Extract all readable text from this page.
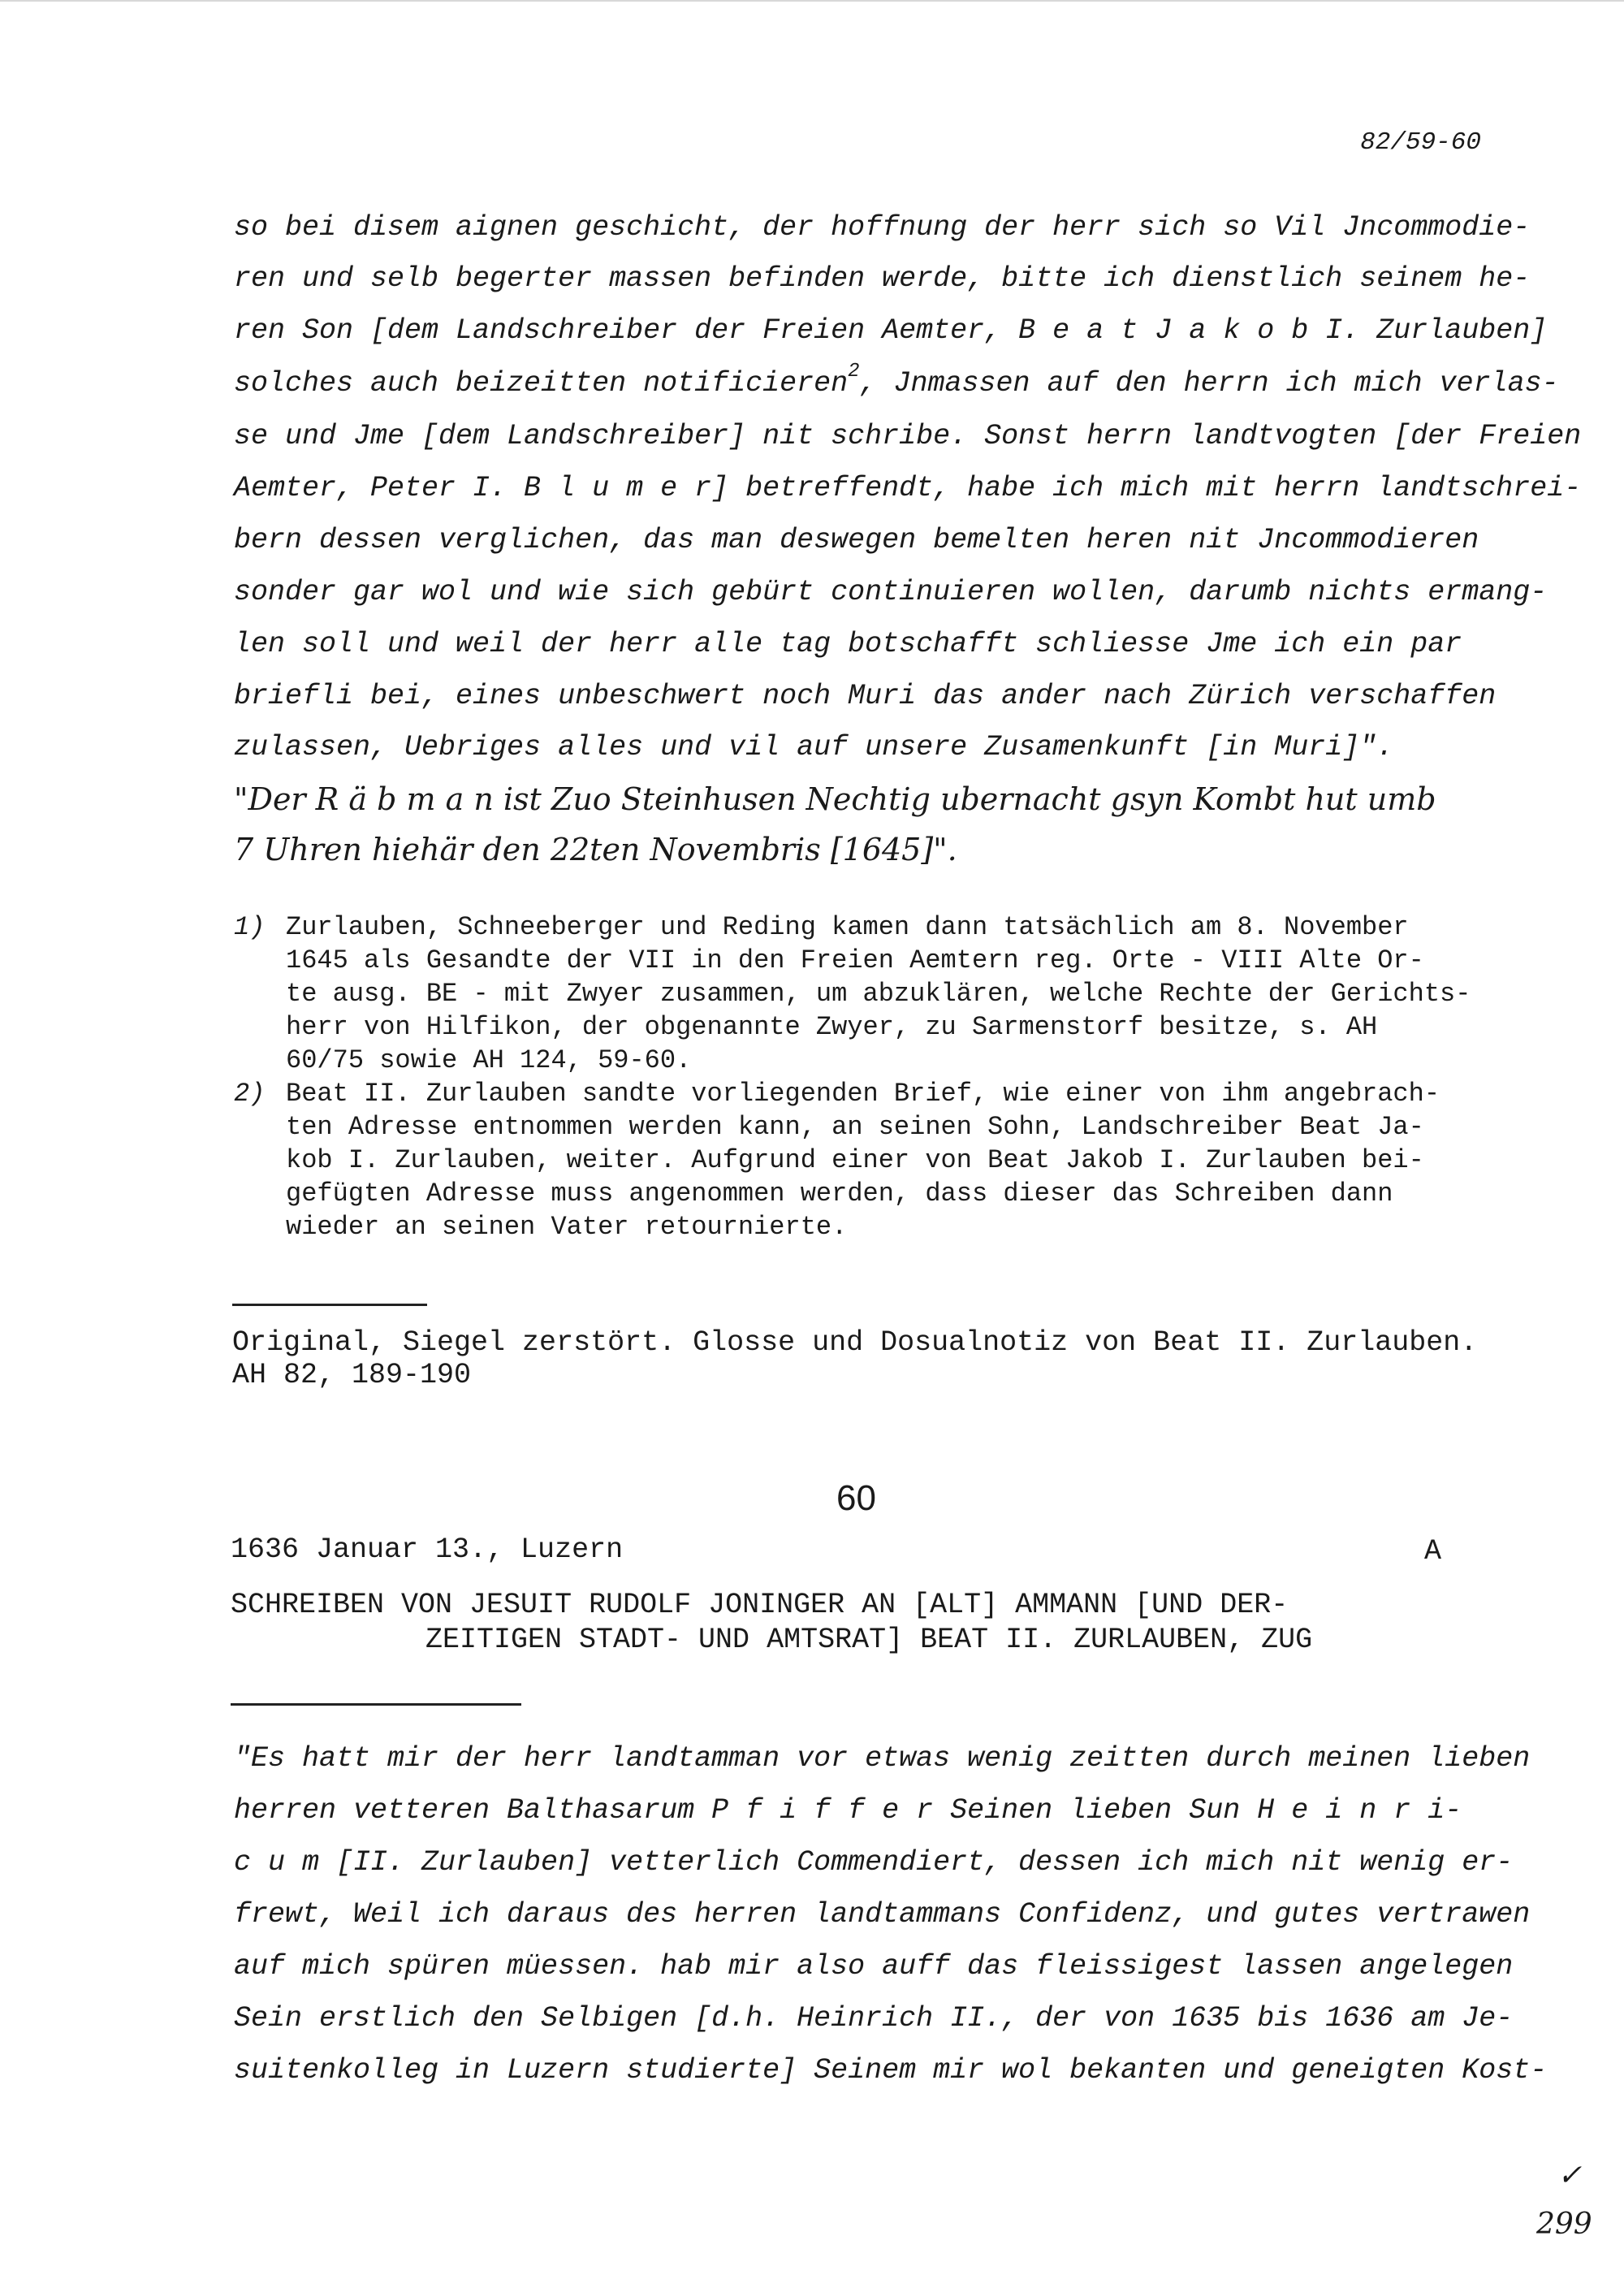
82/59-60
so bei disem aignen geschicht, der hoffnung der herr sich so Vil Jncommodie-
ren und selb begerter massen befinden werde, bitte ich dienstlich seinem he-
ren Son [dem Landschreiber der Freien Aemter, B e a t J a k o b I. Zurlauben]
solches auch beizeitten notificieren$^2$, Jnmassen auf den herrn ich mich verlas-
se und Jme [dem Landschreiber] nit schribe. Sonst herrn landtvogten [der Freien
Aemter, Peter I. B l u m e r] betreffendt, habe ich mich mit herrn landtschrei-
bern dessen verglichen, das man deswegen bemelten heren nit Jncommodieren
sonder gar wol und wie sich gebürt continuieren wollen, darumb nichts ermang-
len soll und weil der herr alle tag botschafft schliesse Jme ich ein par
briefli bei, eines unbeschwert noch Muri das ander nach Zürich verschaffen
zulassen, Uebriges alles und vil auf unsere Zusamenkunft [in Muri]".
"Der R ä b m a n ist Zuo Steinhusen Nechtig ubernacht gsyn Kombt hut umb
7 Uhren hiehär den 22ten Novembris [1645]".
1) Zurlauben, Schneeberger und Reding kamen dann tatsächlich am 8. November
1645 als Gesandte der VII in den Freien Aemtern reg. Orte - VIII Alte Or-
te ausg. BE - mit Zwyer zusammen, um abzuklären, welche Rechte der Gerichts-
herr von Hilfikon, der obgenannte Zwyer, zu Sarmenstorf besitze, s. AH
60/75 sowie AH 124, 59-60.
2) Beat II. Zurlauben sandte vorliegenden Brief, wie einer von ihm angebrach-
ten Adresse entnommen werden kann, an seinen Sohn, Landschreiber Beat Ja-
kob I. Zurlauben, weiter. Aufgrund einer von Beat Jakob I. Zurlauben bei-
gefügten Adresse muss angenommen werden, dass dieser das Schreiben dann
wieder an seinen Vater retournierte.
Original, Siegel zerstört. Glosse und Dosualnotiz von Beat II. Zurlauben.
AH 82, 189-190
60
1636 Januar 13., Luzern	A
SCHREIBEN VON JESUIT RUDOLF JONINGER AN [ALT] AMMANN [UND DER-
ZEITIGEN STADT- UND AMTSRAT] BEAT II. ZURLAUBEN, ZUG
"Es hatt mir der herr landtamman vor etwas wenig zeitten durch meinen lieben
herren vetteren Balthasarum P f i f f e r Seinen lieben Sun H e i n r i-
c u m [II. Zurlauben] vetterlich Commendiert, dessen ich mich nit wenig er-
frewt, Weil ich daraus des herren landtammans Confidenz, und gutes vertrawen
auf mich spüren müessen. hab mir also auff das fleissigest lassen angelegen
Sein erstlich den Selbigen [d.h. Heinrich II., der von 1635 bis 1636 am Je-
suitenkolleg in Luzern studierte] Seinem mir wol bekanten und geneigten Kost-
✓
299
